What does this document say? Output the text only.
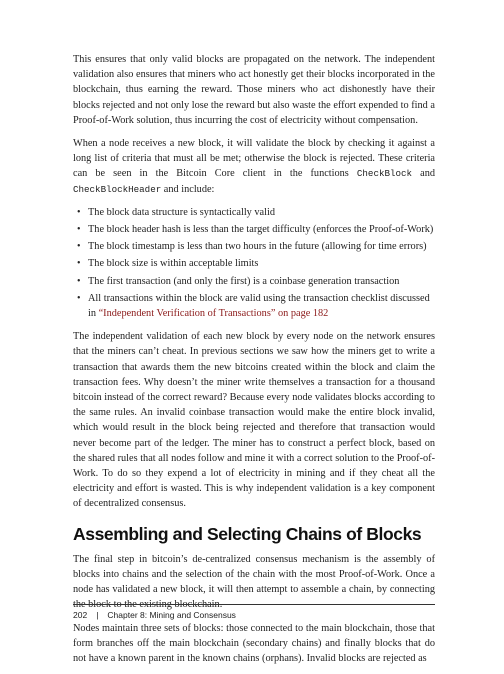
This ensures that only valid blocks are propagated on the network. The independent validation also ensures that miners who act honestly get their blocks incorporated in the blockchain, thus earning the reward. Those miners who act dishonestly have their blocks rejected and not only lose the reward but also waste the effort expended to find a Proof-of-Work solution, thus incurring the cost of electricity without compensation.

When a node receives a new block, it will validate the block by checking it against a long list of criteria that must all be met; otherwise the block is rejected. These criteria can be seen in the Bitcoin Core client in the functions CheckBlock and CheckBlockHeader and include:

• The block data structure is syntactically valid
• The block header hash is less than the target difficulty (enforces the Proof-of-Work)
• The block timestamp is less than two hours in the future (allowing for time errors)
• The block size is within acceptable limits
• The first transaction (and only the first) is a coinbase generation transaction
• All transactions within the block are valid using the transaction checklist discussed in “Independent Verification of Transactions” on page 182

The independent validation of each new block by every node on the network ensures that the miners can’t cheat. In previous sections we saw how the miners get to write a transaction that awards them the new bitcoins created within the block and claim the transaction fees. Why doesn’t the miner write themselves a transaction for a thousand bitcoin instead of the correct reward? Because every node validates blocks according to the same rules. An invalid coinbase transaction would make the entire block invalid, which would result in the block being rejected and therefore that transaction would never become part of the ledger. The miner has to construct a perfect block, based on the shared rules that all nodes follow and mine it with a correct solution to the Proof-of-Work. To do so they expend a lot of electricity in mining and if they cheat all the electricity and effort is wasted. This is why independent validation is a key component of decentralized consensus.

Assembling and Selecting Chains of Blocks

The final step in bitcoin’s de-centralized consensus mechanism is the assembly of blocks into chains and the selection of the chain with the most Proof-of-Work. Once a node has validated a new block, it will then attempt to assemble a chain, by connecting the block to the existing blockchain.

Nodes maintain three sets of blocks: those connected to the main blockchain, those that form branches off the main blockchain (secondary chains) and finally blocks that do not have a known parent in the known chains (orphans). Invalid blocks are rejected as

202 | Chapter 8: Mining and Consensus
